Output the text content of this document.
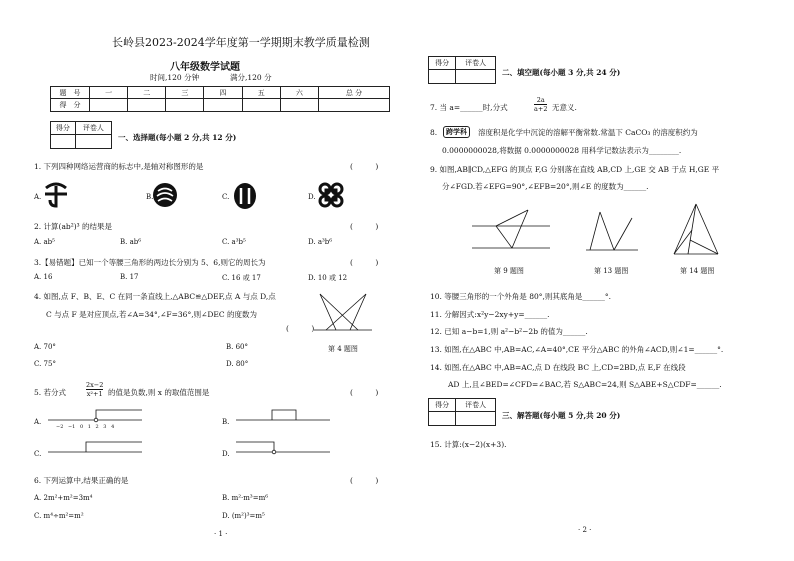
长岭县2023-2024学年度第一学期期末教学质量检测
八年级数学试题
时间,120 分钟	满分,120 分
题　号	一	二	三	四	五	六	总 分
得　分							
得分	评卷人

一、选择题(每小题 2 分,共 12 分)
1. 下列四种网络运营商的标志中,是轴对称图形的是	(　　　)
A.	B.	C.	D.
2. 计算(ab²)³ 的结果是	(　　　)
A. ab⁵	B. ab⁶	C. a³b⁵	D. a³b⁶
3.【易错题】已知一个等腰三角形的两边长分别为 5、6,则它的周长为	(　　　)
A. 16	B. 17	C. 16 或 17	D. 10 或 12
4. 如图,点 F、B、E、C 在同一条直线上,△ABC≌△DEF,点 A 与点 D,点
C 与点 F 是对应顶点,若∠A=34°,∠F=36°,则∠DEC 的度数为
(　　　)
第 4 题图
A. 70°	B. 60°
C. 75°	D. 80°
5. 若分式	$\frac{2x-2}{\text{x²+1}}$ 的值是负数,则 x 的取值范围是	(　　　)
A.	B.
C.	D.
−2 −1 0 1 2 3 4
6. 下列运算中,结果正确的是	(　　　)
A. 2m²+m²=3m⁴	B. m²·m³=m⁶
C. m⁴÷m²=m²	D. (m²)³=m⁵
· 1 ·
得分	评卷人

二、填空题(每小题 3 分,共 24 分)
7. 当 a=______时,分式	$\frac{2a}{a+2}$ 无意义.
8.	跨学科	溶度积是化学中沉淀的溶解平衡常数.常温下 CaCO₃ 的溶度积约为
0.0000000028,将数据 0.0000000028 用科学记数法表示为________.
9. 如图,AB∥CD,△EFG 的顶点 F,G 分别落在直线 AB,CD 上,GE 交 AB 于点 H,GE 平
分∠FGD.若∠EFG=90°,∠EFB=20°,则∠E 的度数为______.
第 9 题图	第 13 题图	第 14 题图
10. 等腰三角形的一个外角是 80°,则其底角是______°.
11. 分解因式:x²y−2xy+y=______.
12. 已知 a−b=1,则 a²−b²−2b 的值为______.
13. 如图,在△ABC 中,AB=AC,∠A=40°,CE 平分△ABC 的外角∠ACD,则∠1=______°.
14. 如图,在△ABC 中,AB=AC,点 D 在线段 BC 上,CD=2BD,点 E,F 在线段
AD 上,且∠BED=∠CFD=∠BAC,若 S△ABC=24,则 S△ABE+S△CDF=______.
得分	评卷人

三、解答题(每小题 5 分,共 20 分)
15. 计算:(x−2)(x+3).
· 2 ·
